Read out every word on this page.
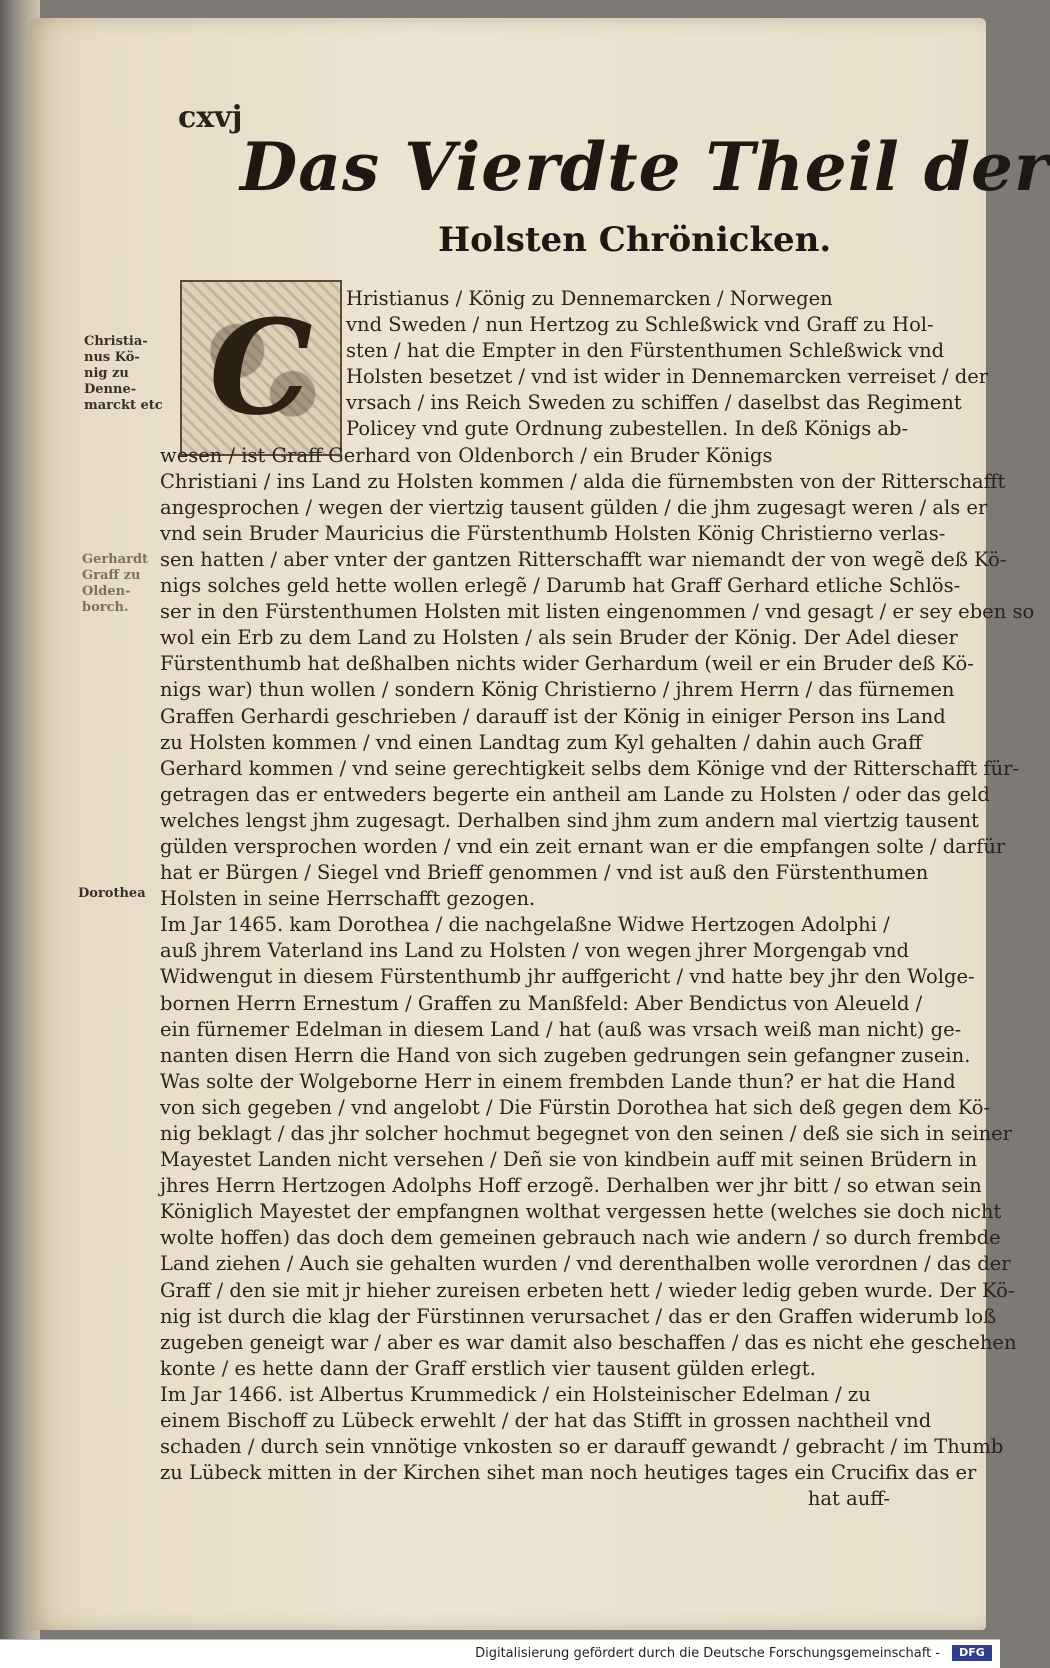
cxvj
Das Vierdte Theil der
Holsten Chrönicken.
C
Christia-
nus Kö-
nig zu
Denne-
marckt etc
Gerhardt
Graff zu
Olden-
borch.
Dorothea
Hristianus / König zu Dennemarcken / Norwegen
vnd Sweden / nun Hertzog zu Schleßwick vnd Graff zu Hol-
sten / hat die Empter in den Fürstenthumen Schleßwick vnd
Holsten besetzet / vnd ist wider in Dennemarcken verreiset / der
vrsach / ins Reich Sweden zu schiffen / daselbst das Regiment
Policey vnd gute Ordnung zubestellen. In deß Königs ab-
wesen / ist Graff Gerhard von Oldenborch / ein Bruder Königs
Christiani / ins Land zu Holsten kommen / alda die fürnembsten von der Ritterschafft
angesprochen / wegen der viertzig tausent gülden / die jhm zugesagt weren / als er
vnd sein Bruder Mauricius die Fürstenthumb Holsten König Christierno verlas-
sen hatten / aber vnter der gantzen Ritterschafft war niemandt der von wegẽ deß Kö-
nigs solches geld hette wollen erlegẽ / Darumb hat Graff Gerhard etliche Schlös-
ser in den Fürstenthumen Holsten mit listen eingenommen / vnd gesagt / er sey eben so
wol ein Erb zu dem Land zu Holsten / als sein Bruder der König. Der Adel dieser
Fürstenthumb hat deßhalben nichts wider Gerhardum (weil er ein Bruder deß Kö-
nigs war) thun wollen / sondern König Christierno / jhrem Herrn / das fürnemen
Graffen Gerhardi geschrieben / darauff ist der König in einiger Person ins Land
zu Holsten kommen / vnd einen Landtag zum Kyl gehalten / dahin auch Graff
Gerhard kommen / vnd seine gerechtigkeit selbs dem Könige vnd der Ritterschafft für-
getragen das er entweders begerte ein antheil am Lande zu Holsten / oder das geld
welches lengst jhm zugesagt. Derhalben sind jhm zum andern mal viertzig tausent
gülden versprochen worden / vnd ein zeit ernant wan er die empfangen solte / darfür
hat er Bürgen / Siegel vnd Brieff genommen / vnd ist auß den Fürstenthumen
Holsten in seine Herrschafft gezogen.
Im Jar 1465. kam Dorothea / die nachgelaßne Widwe Hertzogen Adolphi /
auß jhrem Vaterland ins Land zu Holsten / von wegen jhrer Morgengab vnd
Widwengut in diesem Fürstenthumb jhr auffgericht / vnd hatte bey jhr den Wolge-
bornen Herrn Ernestum / Graffen zu Manßfeld: Aber Bendictus von Aleueld /
ein fürnemer Edelman in diesem Land / hat (auß was vrsach weiß man nicht) ge-
nanten disen Herrn die Hand von sich zugeben gedrungen sein gefangner zusein.
Was solte der Wolgeborne Herr in einem frembden Lande thun? er hat die Hand
von sich gegeben / vnd angelobt / Die Fürstin Dorothea hat sich deß gegen dem Kö-
nig beklagt / das jhr solcher hochmut begegnet von den seinen / deß sie sich in seiner
Mayestet Landen nicht versehen / Deñ sie von kindbein auff mit seinen Brüdern in
jhres Herrn Hertzogen Adolphs Hoff erzogẽ. Derhalben wer jhr bitt / so etwan sein
Königlich Mayestet der empfangnen wolthat vergessen hette (welches sie doch nicht
wolte hoffen) das doch dem gemeinen gebrauch nach wie andern / so durch frembde
Land ziehen / Auch sie gehalten wurden / vnd derenthalben wolle verordnen / das der
Graff / den sie mit jr hieher zureisen erbeten hett / wieder ledig geben wurde. Der Kö-
nig ist durch die klag der Fürstinnen verursachet / das er den Graffen widerumb loß
zugeben geneigt war / aber es war damit also beschaffen / das es nicht ehe geschehen
konte / es hette dann der Graff erstlich vier tausent gülden erlegt.
Im Jar 1466. ist Albertus Krummedick / ein Holsteinischer Edelman / zu
einem Bischoff zu Lübeck erwehlt / der hat das Stifft in grossen nachtheil vnd
schaden / durch sein vnnötige vnkosten so er darauff gewandt / gebracht / im Thumb
zu Lübeck mitten in der Kirchen sihet man noch heutiges tages ein Crucifix das er
hat auff-
Digitalisierung gefördert durch die Deutsche Forschungsgemeinschaft -	DFG
